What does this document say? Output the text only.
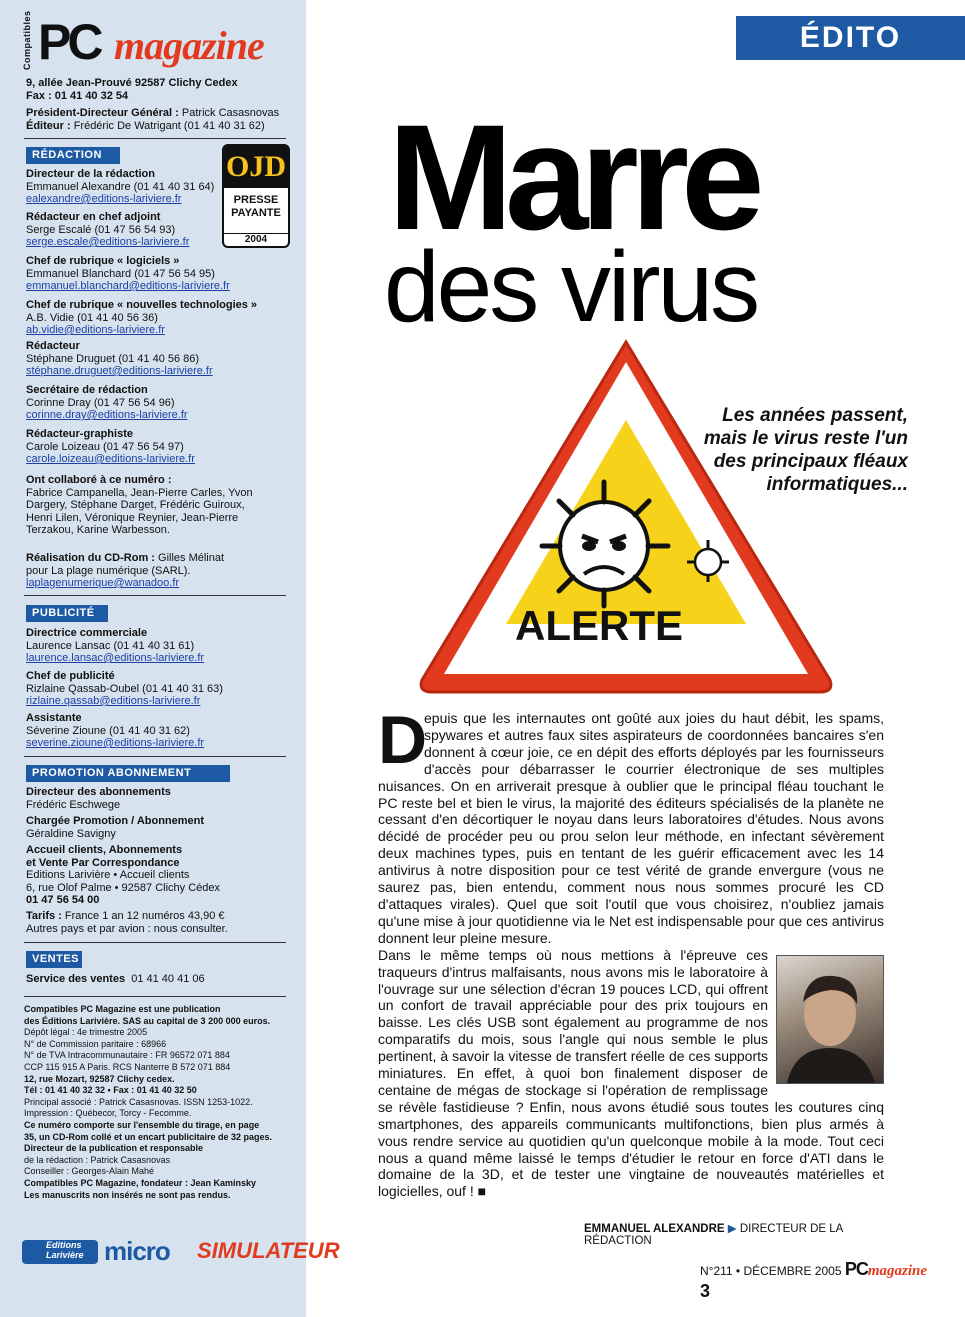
Compatibles PC magazine
9, allée Jean-Prouvé 92587 Clichy Cedex
Fax : 01 41 40 32 54
Président-Directeur Général : Patrick Casasnovas
Éditeur : Frédéric De Watrigant (01 41 40 31 62)
RÉDACTION	OJD
PRESSE
PAYANTE
2004
Directeur de la rédaction
Emmanuel Alexandre (01 41 40 31 64)
ealexandre@editions-lariviere.fr
Rédacteur en chef adjoint
Serge Escalé (01 47 56 54 93)
serge.escale@editions-lariviere.fr
Chef de rubrique « logiciels »
Emmanuel Blanchard (01 47 56 54 95)
emmanuel.blanchard@editions-lariviere.fr
Chef de rubrique « nouvelles technologies »
A.B. Vidie (01 41 40 56 36)
ab.vidie@editions-lariviere.fr
Rédacteur
Stéphane Druguet (01 41 40 56 86)
stéphane.druguet@editions-lariviere.fr
Secrétaire de rédaction
Corinne Dray (01 47 56 54 96)
corinne.dray@editions-lariviere.fr
Rédacteur-graphiste
Carole Loizeau (01 47 56 54 97)
carole.loizeau@editions-lariviere.fr
Ont collaboré à ce numéro :
Fabrice Campanella, Jean-Pierre Carles, Yvon Dargery, Stéphane Darget, Frédéric Guiroux, Henri Lilen, Véronique Reynier, Jean-Pierre Terzakou, Karine Warbesson.
Réalisation du CD-Rom : Gilles Mélinat pour La plage numérique (SARL).
laplagenumerique@wanadoo.fr
PUBLICITÉ
Directrice commerciale
Laurence Lansac (01 41 40 31 61)
laurence.lansac@editions-lariviere.fr
Chef de publicité
Rizlaine Qassab-Oubel (01 41 40 31 63)
rizlaine.qassab@editions-lariviere.fr
Assistante
Séverine Zioune (01 41 40 31 62)
severine.zioune@editions-lariviere.fr
PROMOTION ABONNEMENT
Directeur des abonnements
Frédéric Eschwege
Chargée Promotion / Abonnement
Géraldine Savigny
Accueil clients, Abonnements
et Vente Par Correspondance
Editions Larivière • Accueil clients
6, rue Olof Palme • 92587 Clichy Cédex
01 47 56 54 00
Tarifs : France 1 an 12 numéros 43,90 €
Autres pays et par avion : nous consulter.
VENTES
Service des ventes 01 41 40 41 06
Compatibles PC Magazine est une publication
des Éditions Larivière. SAS au capital de 3 200 000 euros.
Dépôt légal : 4e trimestre 2005
N° de Commission paritaire : 68966
N° de TVA Intracommunautaire : FR 96572 071 884
CCP 115 915 A Paris. RCS Nanterre B 572 071 884
12, rue Mozart, 92587 Clichy cedex.
Tél : 01 41 40 32 32 • Fax : 01 41 40 32 50
Principal associé : Patrick Casasnovas. ISSN 1253-1022.
Impression : Québecor, Torcy - Fecomme.
Ce numéro comporte sur l'ensemble du tirage, en page
35, un CD-Rom collé et un encart publicitaire de 32 pages.
Directeur de la publication et responsable
de la rédaction : Patrick Casasnovas
Conseiller : Georges-Alain Mahé
Compatibles PC Magazine, fondateur : Jean Kaminsky
Les manuscrits non insérés ne sont pas rendus.
Editions Larivière micro SIMULATEUR
ÉDITO
Marre
des virus
ALERTE
Les années passent, mais le virus reste l'un des principaux fléaux informatiques...
D
epuis que les internautes ont goûté aux joies du haut débit, les spams, spywares et autres faux sites aspirateurs de coordonnées bancaires s'en donnent à cœur joie, ce en dépit des efforts déployés par les fournisseurs d'accès pour débarrasser le courrier électronique de ses multiples nuisances. On en arriverait presque à oublier que le principal fléau touchant le PC reste bel et bien le virus, la majorité des éditeurs spécialisés de la planète ne cessant d'en décortiquer le noyau dans leurs laboratoires d'études. Nous avons décidé de procéder peu ou prou selon leur méthode, en infectant sévèrement deux machines types, puis en tentant de les guérir efficacement avec les 14 antivirus à notre disposition pour ce test vérité de grande envergure (vous ne saurez pas, bien entendu, comment nous nous sommes procuré les CD d'attaques virales). Quel que soit l'outil que vous choisirez, n'oubliez jamais qu'une mise à jour quotidienne via le Net est indispensable pour que ces antivirus donnent leur pleine mesure.

Dans le même temps où nous mettions à l'épreuve ces traqueurs d'intrus malfaisants, nous avons mis le laboratoire à l'ouvrage sur une sélection d'écran 19 pouces LCD, qui offrent un confort de travail appréciable pour des prix toujours en baisse. Les clés USB sont également au programme de nos comparatifs du mois, sous l'angle qui nous semble le plus pertinent, à savoir la vitesse de transfert réelle de ces supports miniatures. En effet, à quoi bon finalement disposer de centaine de mégas de stockage si l'opération de remplissage se révèle fastidieuse ? Enfin, nous avons étudié sous toutes les coutures cinq smartphones, des appareils communicants multifonctions, bien plus armés à vous rendre service au quotidien qu'un quelconque mobile à la mode. Tout ceci nous a quand même laissé le temps d'étudier le retour en force d'ATI dans le domaine de la 3D, et de tester une vingtaine de nouveautés matérielles et logicielles, ouf ! ■
EMMANUEL ALEXANDRE ▶ DIRECTEUR DE LA RÉDACTION
N°211 • DÉCEMBRE 2005 PCmagazine 3
